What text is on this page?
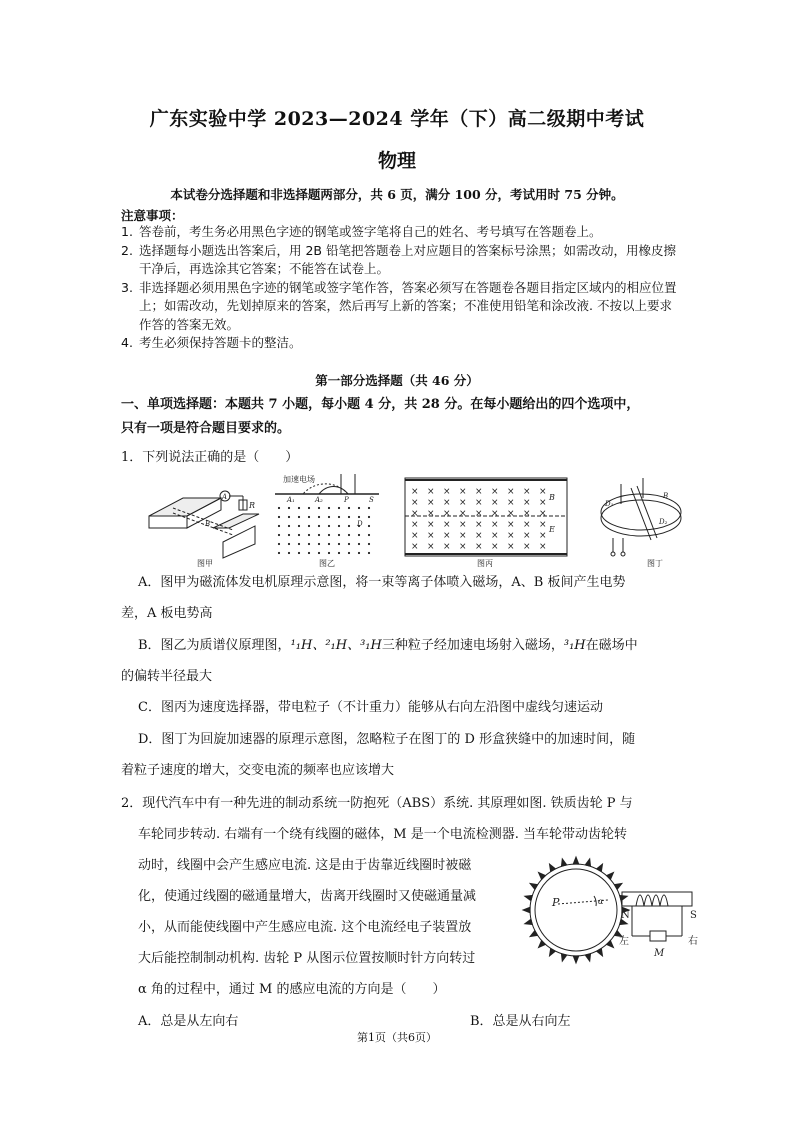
广东实验中学 2023—2024 学年（下）高二级期中考试
物理
本试卷分选择题和非选择题两部分，共 6 页，满分 100 分，考试用时 75 分钟。
注意事项：
1. 答卷前，考生务必用黑色字迹的钢笔或签字笔将自己的姓名、考号填写在答题卷上。
2. 选择题每小题选出答案后，用 2B 铅笔把答题卷上对应题目的答案标号涂黑；如需改动，用橡皮擦干净后，再选涂其它答案；不能答在试卷上。
3. 非选择题必须用黑色字迹的钢笔或签字笔作答，答案必须写在答题卷各题目指定区域内的相应位置上；如需改动，先划掉原来的答案，然后再写上新的答案；不准使用铅笔和涂改液. 不按以上要求作答的答案无效。
4. 考生必须保持答题卡的整洁。
第一部分选择题（共 46 分）
一、单项选择题：本题共 7 小题，每小题 4 分，共 28 分。在每小题给出的四个选项中，
只有一项是符合题目要求的。
1．下列说法正确的是（　　）
A
B
R
图甲
加速电场
A₁	A₂	P	S
D
图乙
× × × × × × × × ×
× × × × × × × × ×
× × × × × × × × ×
× × × × × × × × ×
× × × × × × × × ×
× × × × × × × × ×
B
E
图丙
D₁
D₂
B
图丁
A．图甲为磁流体发电机原理示意图，将一束等离子体喷入磁场，A、B 板间产生电势
差，A 板电势高
B．图乙为质谱仪原理图，¹₁H、²₁H、³₁H三种粒子经加速电场射入磁场，³₁H在磁场中
的偏转半径最大
C．图丙为速度选择器，带电粒子（不计重力）能够从右向左沿图中虚线匀速运动
D．图丁为回旋加速器的原理示意图，忽略粒子在图丁的 D 形盒狭缝中的加速时间，随
着粒子速度的增大，交变电流的频率也应该增大
2．现代汽车中有一种先进的制动系统一防抱死（ABS）系统. 其原理如图. 铁质齿轮 P 与
车轮同步转动. 右端有一个绕有线圈的磁体，M 是一个电流检测器. 当车轮带动齿轮转
动时，线圈中会产生感应电流. 这是由于齿靠近线圈时被磁
化，使通过线圈的磁通量增大，齿离开线圈时又使磁通量减
小，从而能使线圈中产生感应电流. 这个电流经电子装置放
大后能控制制动机构. 齿轮 P 从图示位置按顺时针方向转过
α 角的过程中，通过 M 的感应电流的方向是（　　）
P	α
N	S
左	右
M
A．总是从左向右	B．总是从右向左
第1页（共6页）
